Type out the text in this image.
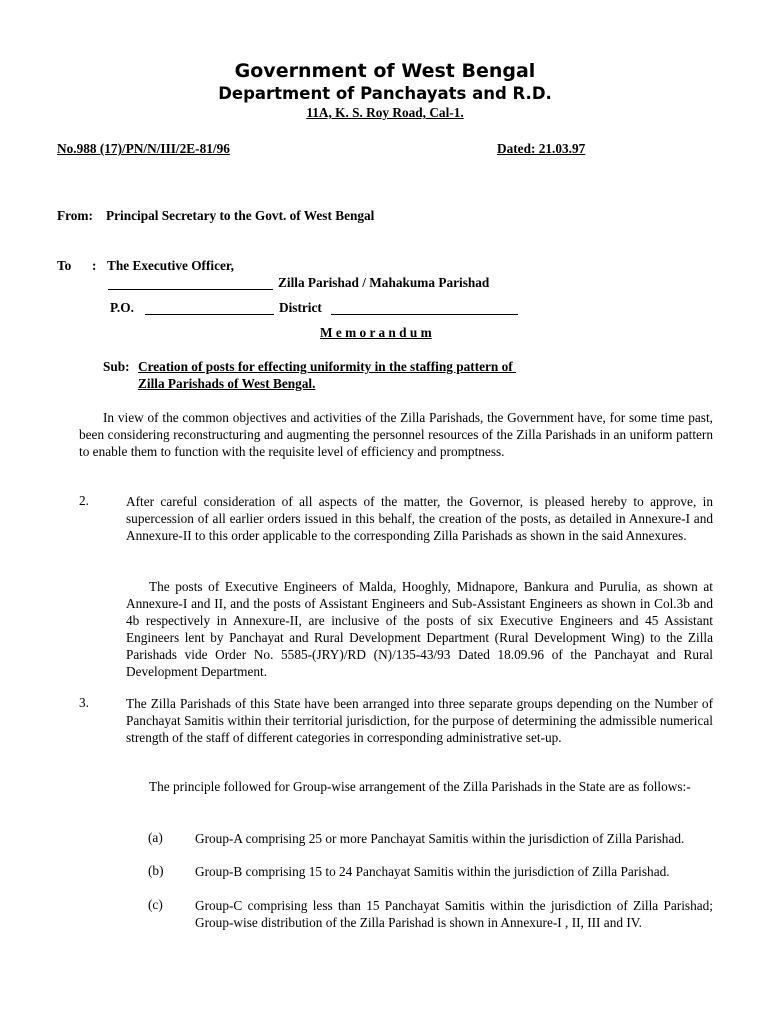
Government of West Bengal
Department of Panchayats and R.D.
11A, K. S. Roy Road, Cal-1.
No.988 (17)/PN/N/III/2E-81/96	Dated: 21.03.97
From: Principal Secretary to the Govt. of West Bengal
To : The Executive Officer,
Zilla Parishad / Mahakuma Parishad
P.O.	District
M e m o r a n d u m
Sub: Creation of posts for effecting uniformity in the staffing pattern of
Zilla Parishads of West Bengal.
In view of the common objectives and activities of the Zilla Parishads, the Government have, for some time past, been considering reconstructuring and augmenting the personnel resources of the Zilla Parishads in an uniform pattern to enable them to function with the requisite level of efficiency and promptness.
2.	After careful consideration of all aspects of the matter, the Governor, is pleased hereby to approve, in supercession of all earlier orders issued in this behalf, the creation of the posts, as detailed in Annexure-I and Annexure-II to this order applicable to the corresponding Zilla Parishads as shown in the said Annexures.
The posts of Executive Engineers of Malda, Hooghly, Midnapore, Bankura and Purulia, as shown at Annexure-I and II, and the posts of Assistant Engineers and Sub-Assistant Engineers as shown in Col.3b and 4b respectively in Annexure-II, are inclusive of the posts of six Executive Engineers and 45 Assistant Engineers lent by Panchayat and Rural Development Department (Rural Development Wing) to the Zilla Parishads vide Order No. 5585-(JRY)/RD (N)/135-43/93 Dated 18.09.96 of the Panchayat and Rural Development Department.
3.	The Zilla Parishads of this State have been arranged into three separate groups depending on the Number of Panchayat Samitis within their territorial jurisdiction, for the purpose of determining the admissible numerical strength of the staff of different categories in corresponding administrative set-up.
The principle followed for Group-wise arrangement of the Zilla Parishads in the State are as follows:-
(a) Group-A comprising 25 or more Panchayat Samitis within the jurisdiction of Zilla Parishad.
(b) Group-B comprising 15 to 24 Panchayat Samitis within the jurisdiction of Zilla Parishad.
(c) Group-C comprising less than 15 Panchayat Samitis within the jurisdiction of Zilla Parishad; Group-wise distribution of the Zilla Parishad is shown in Annexure-I , II, III and IV.
